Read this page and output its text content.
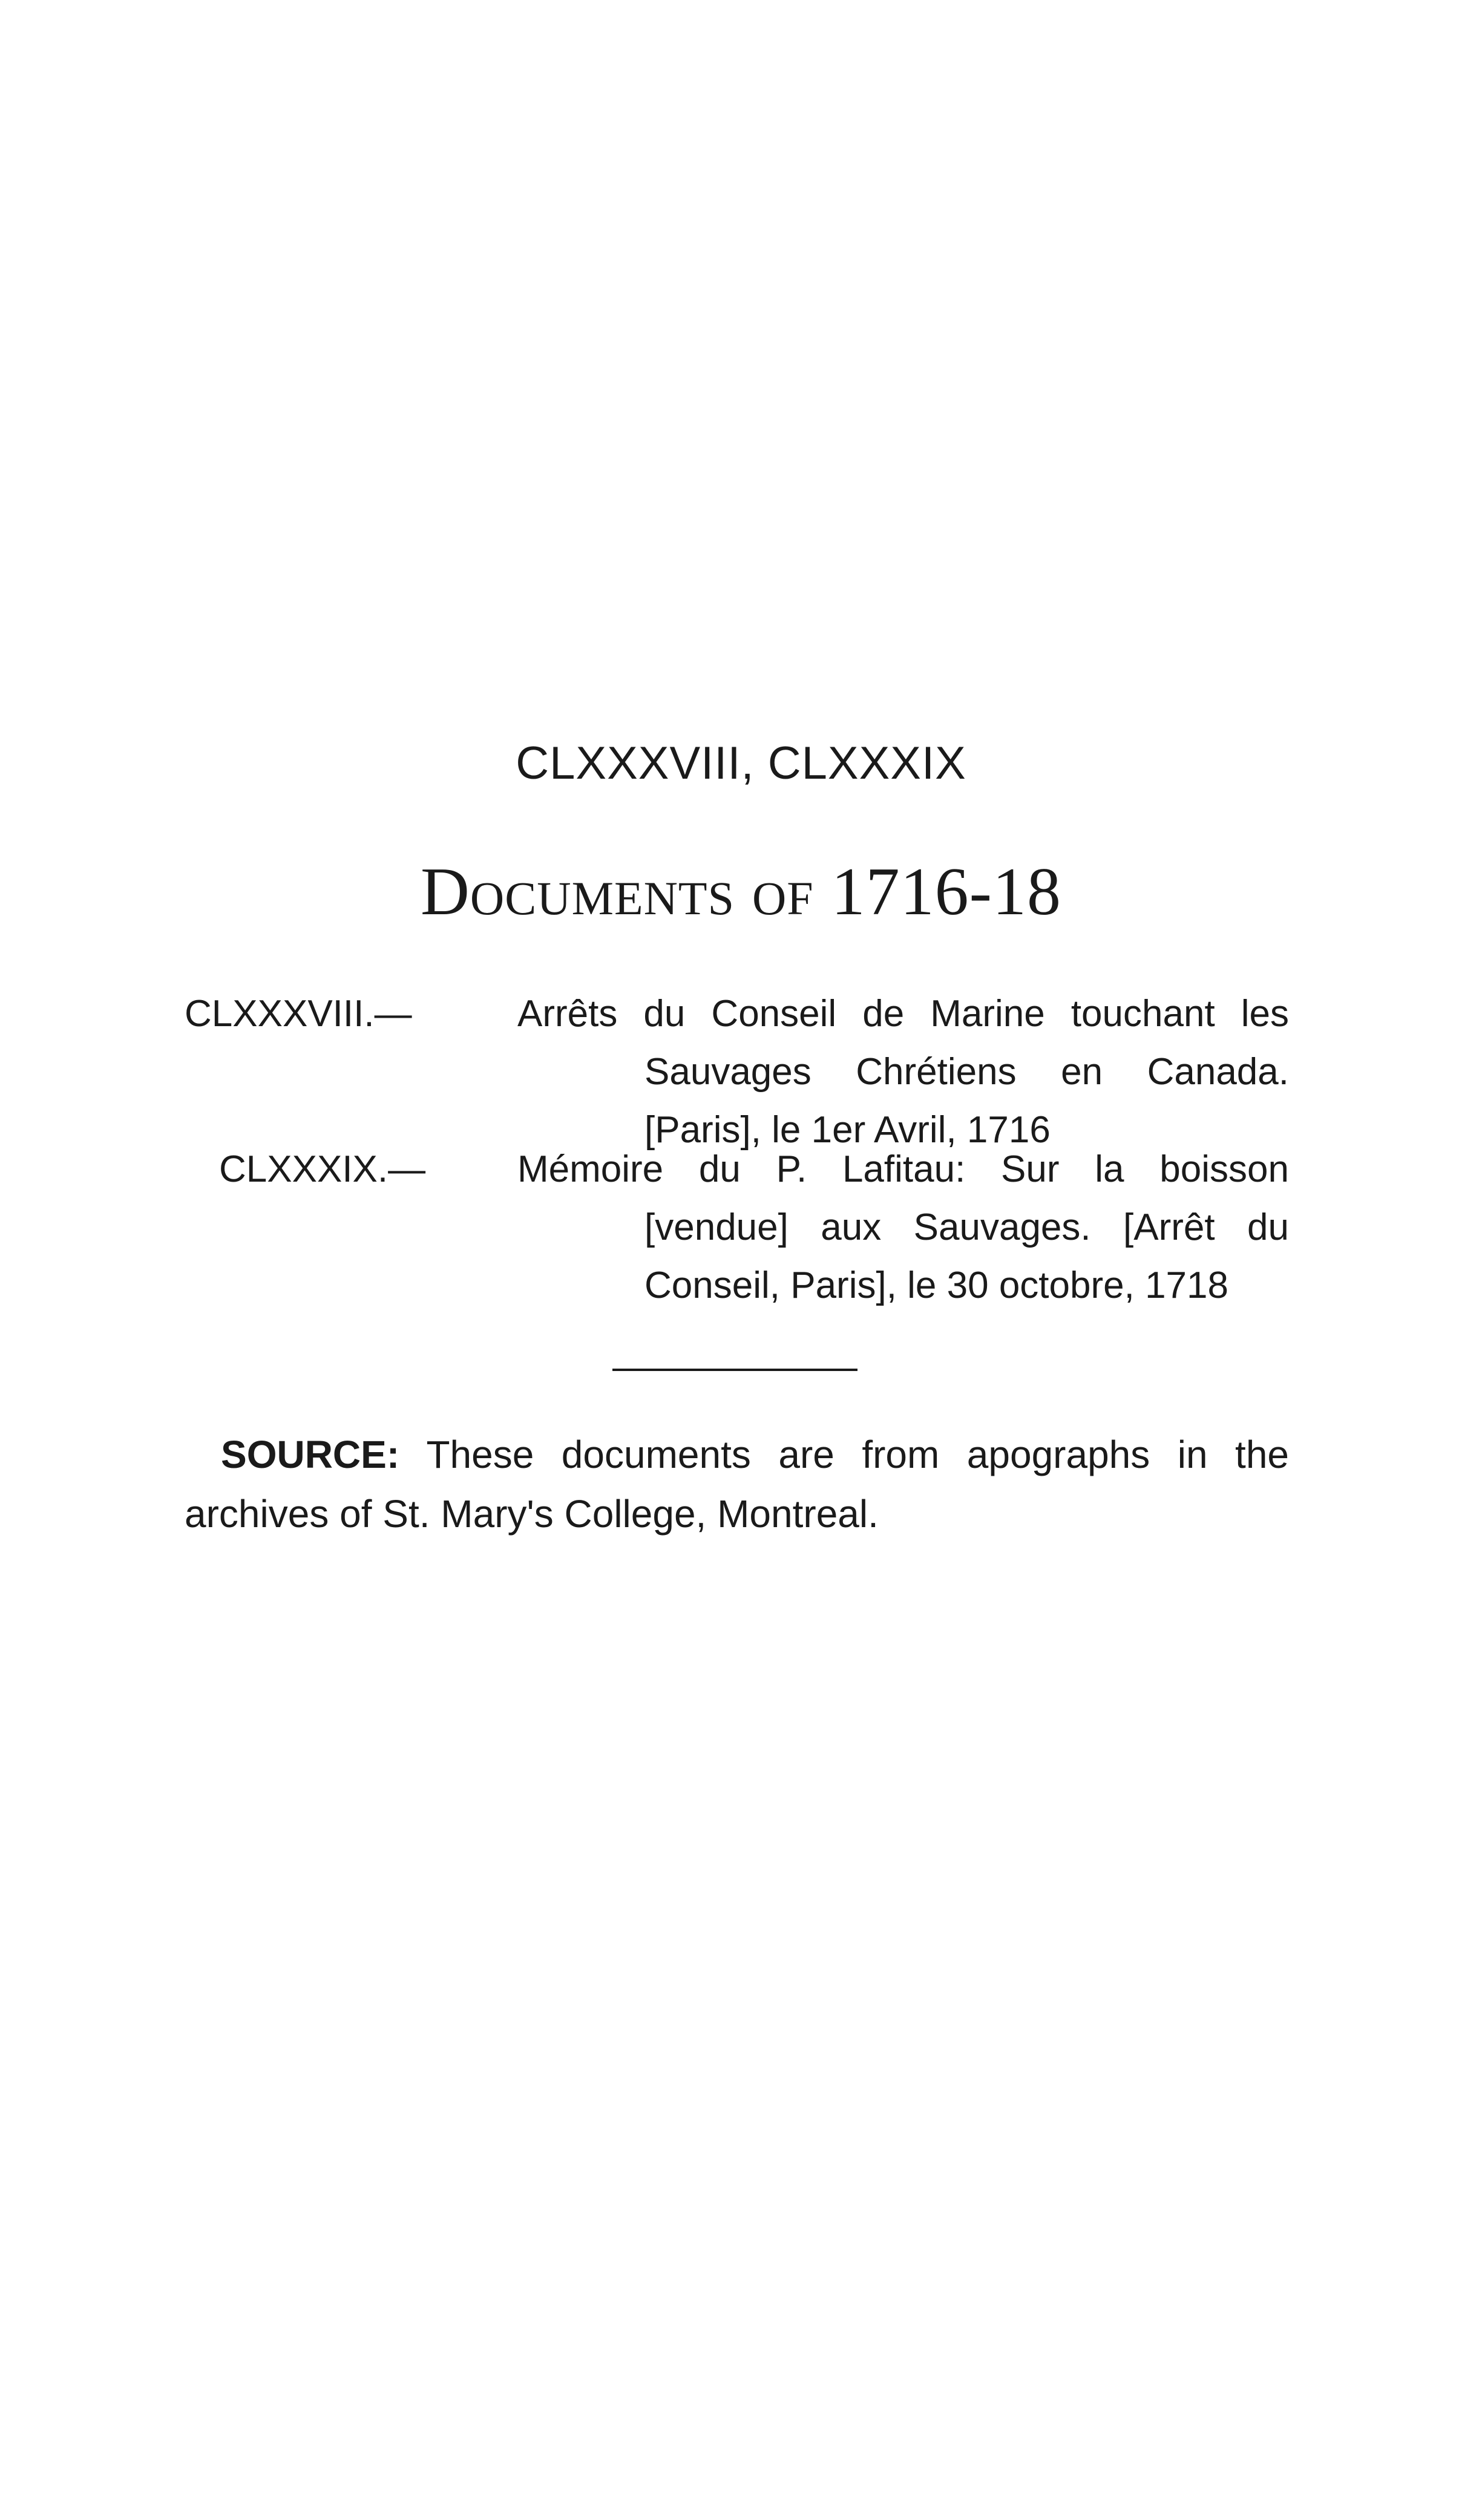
CLXXXVIII, CLXXXIX
Documents of 1716-18
CLXXXVIII.—	Arrêts du Conseil de Marine touchant les Sauvages Chrétiens en Canada. [Paris], le 1er Avril, 1716
CLXXXIX.— Mémoire du P. Lafitau: Sur la boisson [vendue] aux Sauvages. [Arrêt du Conseil, Paris], le 30 octobre, 1718
SOURCE: These documents are from apographs in the archives of St. Mary's College, Montreal.
